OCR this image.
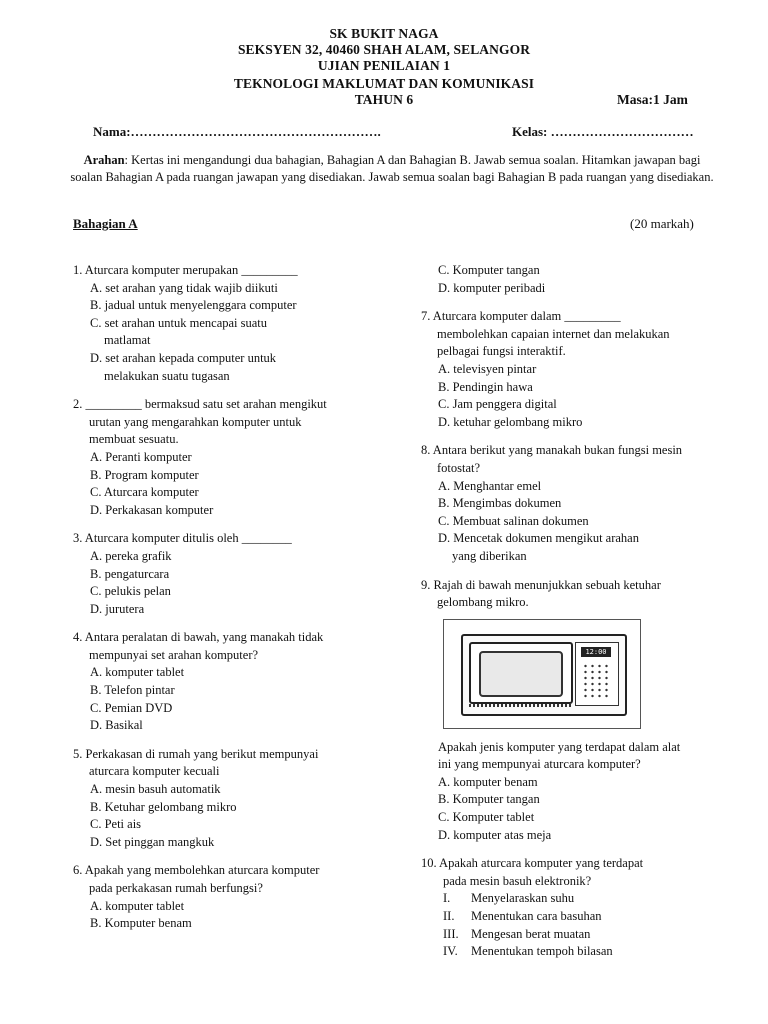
SK BUKIT NAGA
SEKSYEN 32, 40460 SHAH ALAM, SELANGOR
UJIAN PENILAIAN 1
TEKNOLOGI MAKLUMAT DAN KOMUNIKASI
TAHUN 6	Masa:1 Jam
Nama:………………………………………………….	Kelas: ……………………………
Arahan: Kertas ini mengandungi dua bahagian, Bahagian A dan Bahagian B. Jawab semua soalan. Hitamkan jawapan bagi soalan Bahagian A pada ruangan jawapan yang disediakan. Jawab semua soalan bagi Bahagian B pada ruangan yang disediakan.
Bahagian A	(20 markah)
1. Aturcara komputer merupakan _________
A. set arahan yang tidak wajib diikuti
B. jadual untuk menyelenggara computer
C. set arahan untuk mencapai suatu
matlamat
D. set arahan kepada computer untuk
melakukan suatu tugasan
2. _________ bermaksud satu set arahan mengikut
urutan yang mengarahkan komputer untuk
membuat sesuatu.
A. Peranti komputer
B. Program komputer
C. Aturcara komputer
D. Perkakasan komputer
3. Aturcara komputer ditulis oleh ________
A. pereka grafik
B. pengaturcara
C. pelukis pelan
D. jurutera
4. Antara peralatan di bawah, yang manakah tidak
mempunyai set arahan komputer?
A. komputer tablet
B. Telefon pintar
C. Pemian DVD
D. Basikal
5. Perkakasan di rumah yang berikut mempunyai
aturcara komputer kecuali
A. mesin basuh automatik
B. Ketuhar gelombang mikro
C. Peti ais
D. Set pinggan mangkuk
6. Apakah yang membolehkan aturcara komputer
pada perkakasan rumah berfungsi?
A. komputer tablet
B. Komputer benam
C. Komputer tangan
D. komputer peribadi
7. Aturcara komputer dalam _________
membolehkan capaian internet dan melakukan
pelbagai fungsi interaktif.
A. televisyen pintar
B. Pendingin hawa
C. Jam penggera digital
D. ketuhar gelombang mikro
8. Antara berikut yang manakah bukan fungsi mesin
fotostat?
A. Menghantar emel
B. Mengimbas dokumen
C. Membuat salinan dokumen
D. Mencetak dokumen mengikut arahan
yang diberikan
9. Rajah di bawah menunjukkan sebuah ketuhar
gelombang mikro.
12:00
Apakah jenis komputer yang terdapat dalam alat
ini yang mempunyai aturcara komputer?
A. komputer benam
B. Komputer tangan
C. Komputer tablet
D. komputer atas meja
10. Apakah aturcara komputer yang terdapat
pada mesin basuh elektronik?
I. Menyelaraskan suhu
II. Menentukan cara basuhan
III. Mengesan berat muatan
IV. Menentukan tempoh bilasan
